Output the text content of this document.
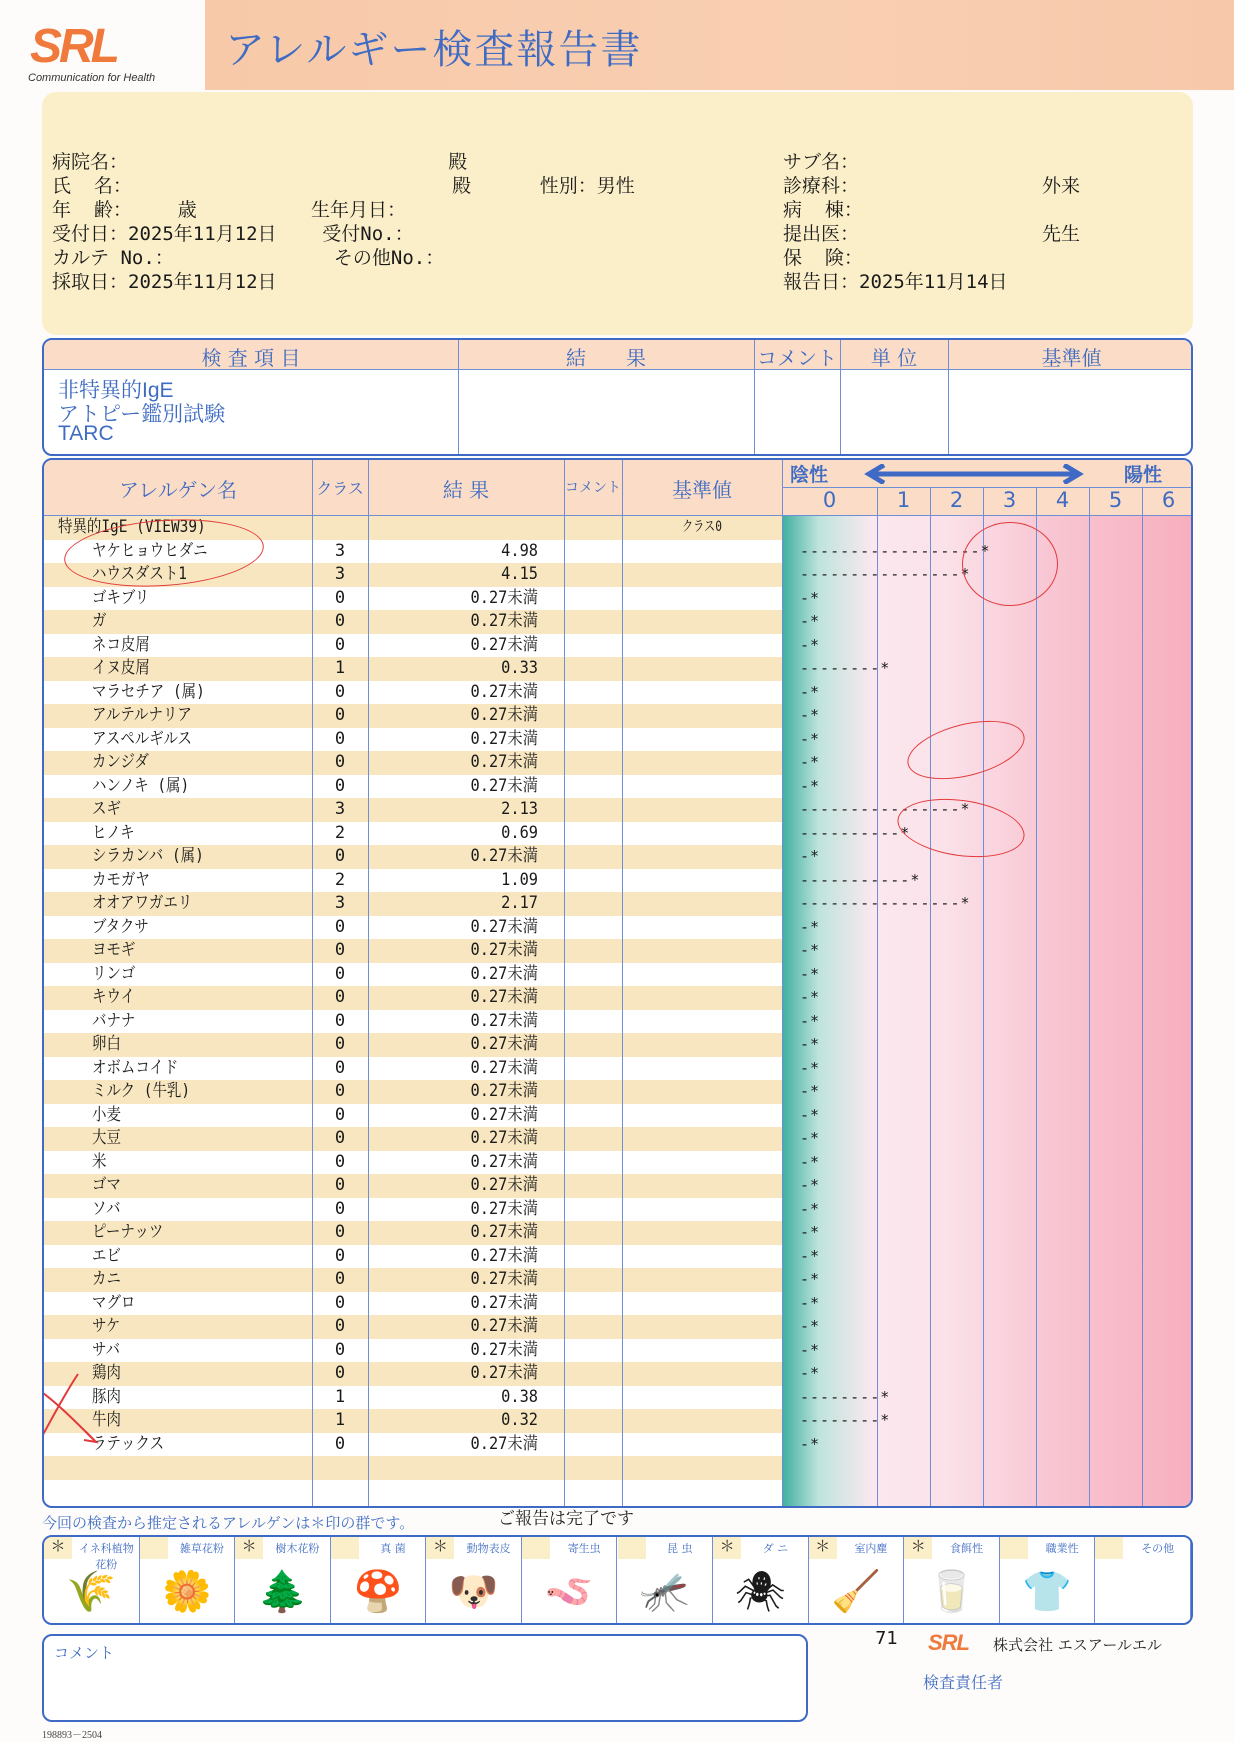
SRL
Communication for Health
アレルギー検査報告書
病院名：                            殿
氏  名：                            殿      性別：男性
年  齢：    歳          生年月日：
受付日：2025年11月12日    受付No.：
カルテ No.：              その他No.：
採取日：2025年11月12日
サブ名：
診療科：                外来
病  棟：
提出医：                先生
保  険：
報告日：2025年11月14日
検 査 項 目	結　　果	コメント	単 位	基準値
非特異的IgE
アトピー鑑別試験
TARC
アレルゲン名	クラス	結 果	コメント	基準値
陰性	陽性
0	1	2	3	4	5	6
特異的IgE (VIEW39)	クラス0
ヤケヒョウヒダニ	3	4.98	------------------*
ハウスダスト1	3	4.15	----------------*
ゴキブリ	0	0.27未満	-*
ガ	0	0.27未満	-*
ネコ皮屑	0	0.27未満	-*
イヌ皮屑	1	0.33	--------*
マラセチア (属)	0	0.27未満	-*
アルテルナリア	0	0.27未満	-*
アスペルギルス	0	0.27未満	-*
カンジダ	0	0.27未満	-*
ハンノキ (属)	0	0.27未満	-*
スギ	3	2.13	----------------*
ヒノキ	2	0.69	----------*
シラカンバ (属)	0	0.27未満	-*
カモガヤ	2	1.09	-----------*
オオアワガエリ	3	2.17	----------------*
ブタクサ	0	0.27未満	-*
ヨモギ	0	0.27未満	-*
リンゴ	0	0.27未満	-*
キウイ	0	0.27未満	-*
バナナ	0	0.27未満	-*
卵白	0	0.27未満	-*
オボムコイド	0	0.27未満	-*
ミルク (牛乳)	0	0.27未満	-*
小麦	0	0.27未満	-*
大豆	0	0.27未満	-*
米	0	0.27未満	-*
ゴマ	0	0.27未満	-*
ソバ	0	0.27未満	-*
ピーナッツ	0	0.27未満	-*
エビ	0	0.27未満	-*
カニ	0	0.27未満	-*
マグロ	0	0.27未満	-*
サケ	0	0.27未満	-*
サバ	0	0.27未満	-*
鶏肉	0	0.27未満	-*
豚肉	1	0.38	--------*
牛肉	1	0.32	--------*
ラテックス	0	0.27未満	-*
今回の検査から推定されるアレルゲンは＊印の群です。	ご報告は完了です
＊	イネ科植物花粉
🌾
雑草花粉
🌼
＊	樹木花粉
🌲
真 菌
🍄
＊	動物表皮
🐶
寄生虫
🪱
昆 虫
🦟
＊	ダ ニ
🕷
＊	室内塵
🧹
＊	食餌性
🥛
職業性
👕
その他
コメント
71 SRL 株式会社 エスアールエル
検査責任者
198893－2504
